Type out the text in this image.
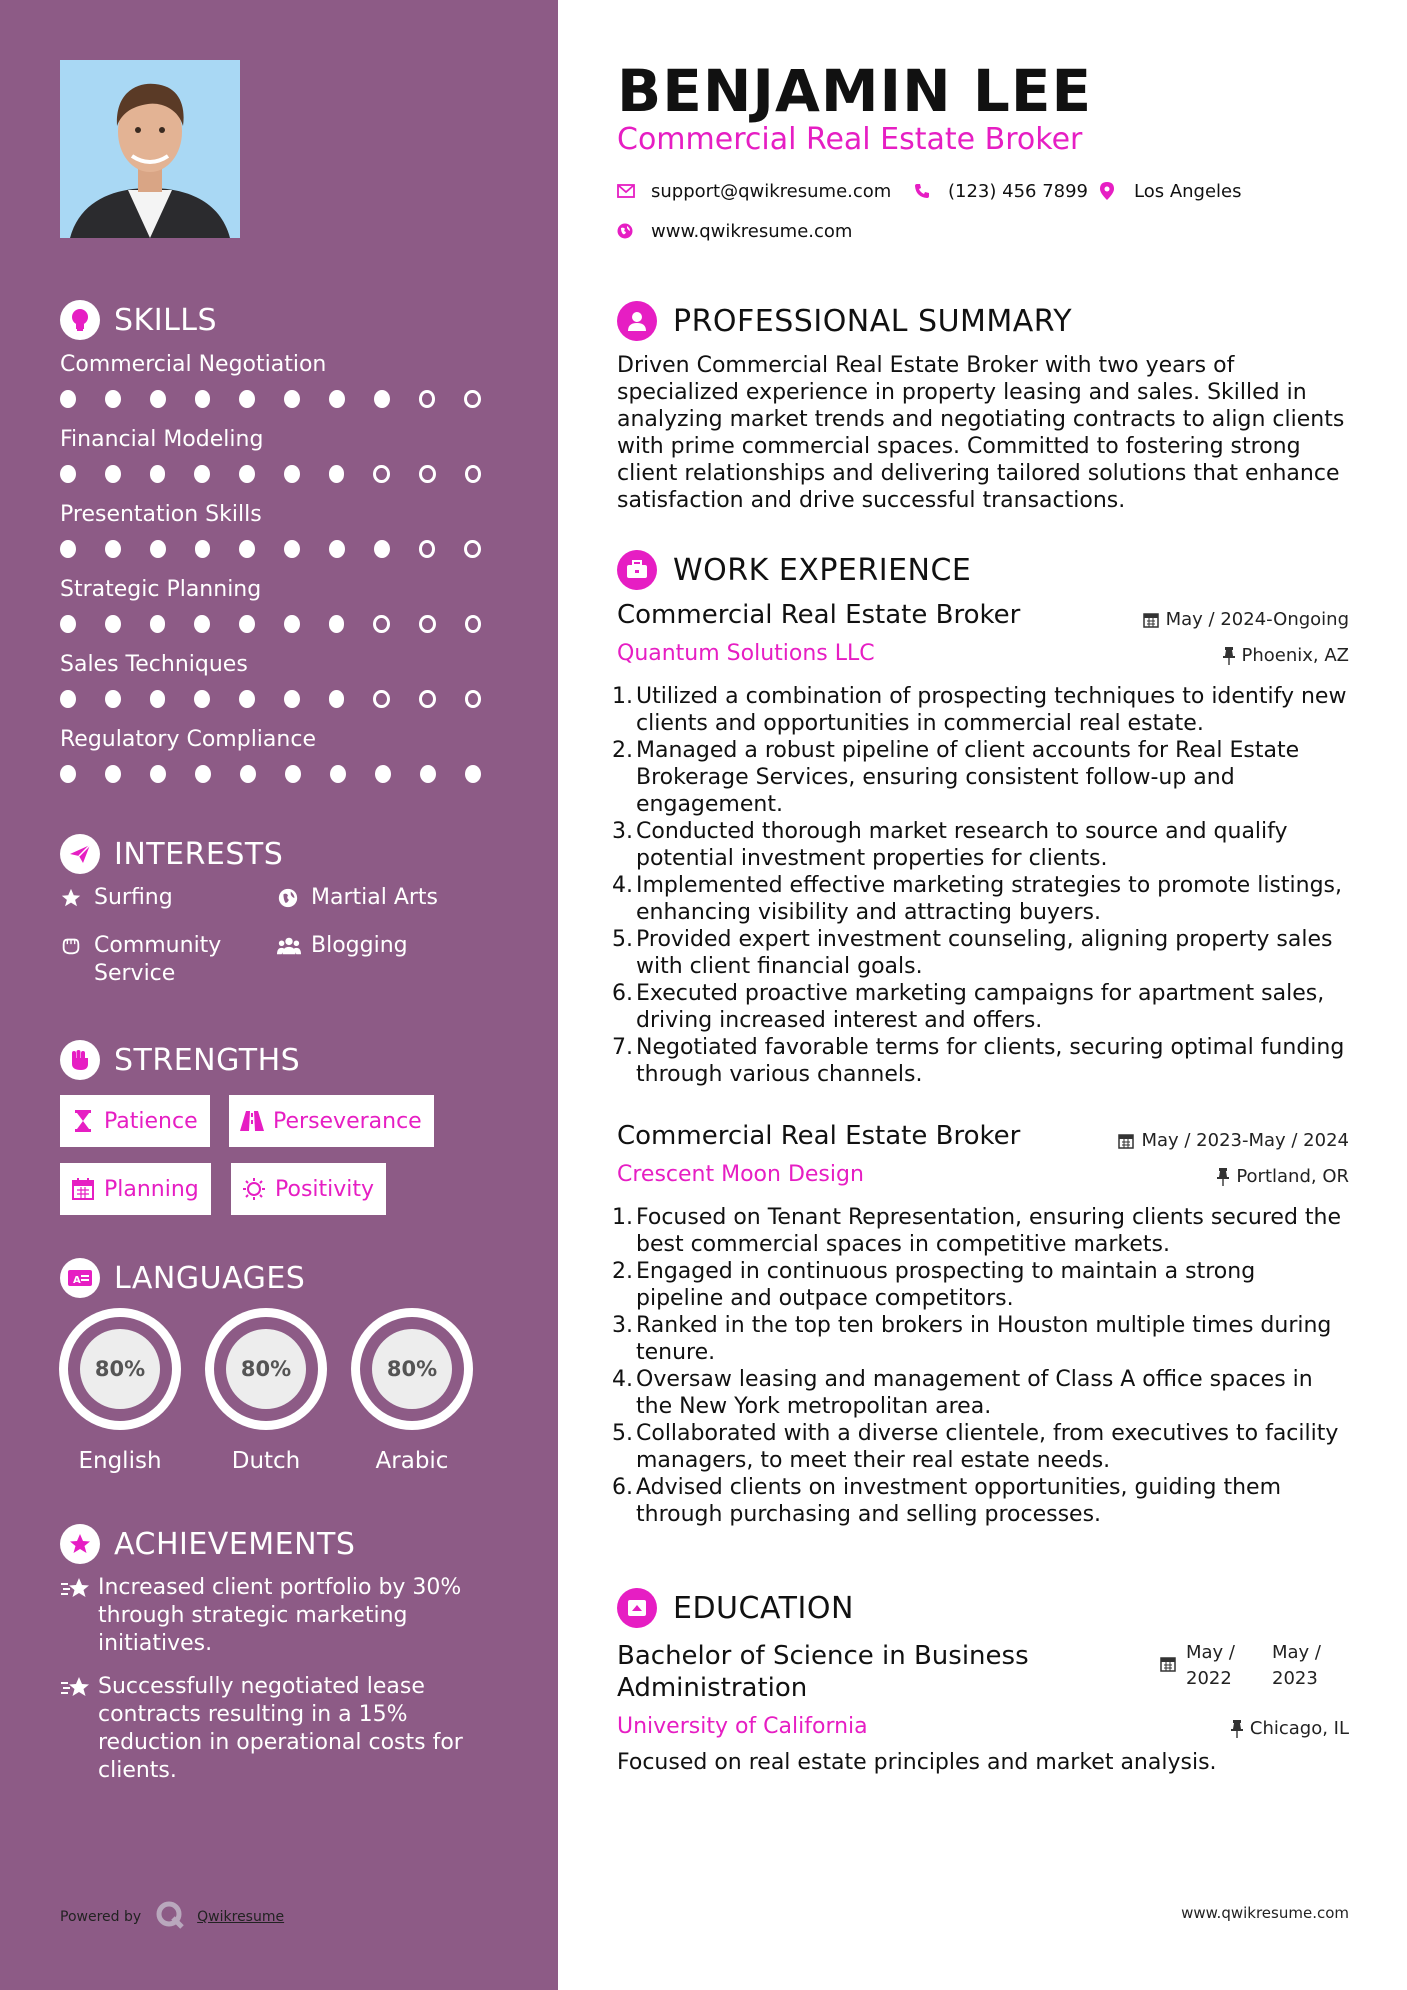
SKILLS
Commercial Negotiation
Financial Modeling
Presentation Skills
Strategic Planning
Sales Techniques
Regulatory Compliance
INTERESTS
Surfing	Martial Arts
Community Service
Blogging
STRENGTHS
Patience	Perseverance
Planning	Positivity
A LANGUAGES
80%
English
80%
Dutch
80%
Arabic
ACHIEVEMENTS
Increased client portfolio by 30% through strategic marketing initiatives.
Successfully negotiated lease contracts resulting in a 15% reduction in operational costs for clients.
Powered by	Qwikresume
BENJAMIN LEE
Commercial Real Estate Broker
support@qwikresume.com	(123) 456 7899	Los Angeles
www.qwikresume.com
PROFESSIONAL SUMMARY
Driven Commercial Real Estate Broker with two years of specialized experience in property leasing and sales. Skilled in analyzing market trends and negotiating contracts to align clients with prime commercial spaces. Committed to fostering strong client relationships and delivering tailored solutions that enhance satisfaction and drive successful transactions.
WORK EXPERIENCE
Commercial Real Estate Broker	May / 2024-Ongoing
Quantum Solutions LLC	Phoenix, AZ
1. Utilized a combination of prospecting techniques to identify new clients and opportunities in commercial real estate.
2. Managed a robust pipeline of client accounts for Real Estate Brokerage Services, ensuring consistent follow-up and engagement.
3. Conducted thorough market research to source and qualify potential investment properties for clients.
4. Implemented effective marketing strategies to promote listings, enhancing visibility and attracting buyers.
5. Provided expert investment counseling, aligning property sales with client financial goals.
6. Executed proactive marketing campaigns for apartment sales, driving increased interest and offers.
7. Negotiated favorable terms for clients, securing optimal funding through various channels.
Commercial Real Estate Broker	May / 2023-May / 2024
Crescent Moon Design	Portland, OR
1. Focused on Tenant Representation, ensuring clients secured the best commercial spaces in competitive markets.
2. Engaged in continuous prospecting to maintain a strong pipeline and outpace competitors.
3. Ranked in the top ten brokers in Houston multiple times during tenure.
4. Oversaw leasing and management of Class A office spaces in the New York metropolitan area.
5. Collaborated with a diverse clientele, from executives to facility managers, to meet their real estate needs.
6. Advised clients on investment opportunities, guiding them through purchasing and selling processes.
EDUCATION
Bachelor of Science in Business
Administration
May /
2022
May /
2023
University of California	Chicago, IL
Focused on real estate principles and market analysis.
www.qwikresume.com
